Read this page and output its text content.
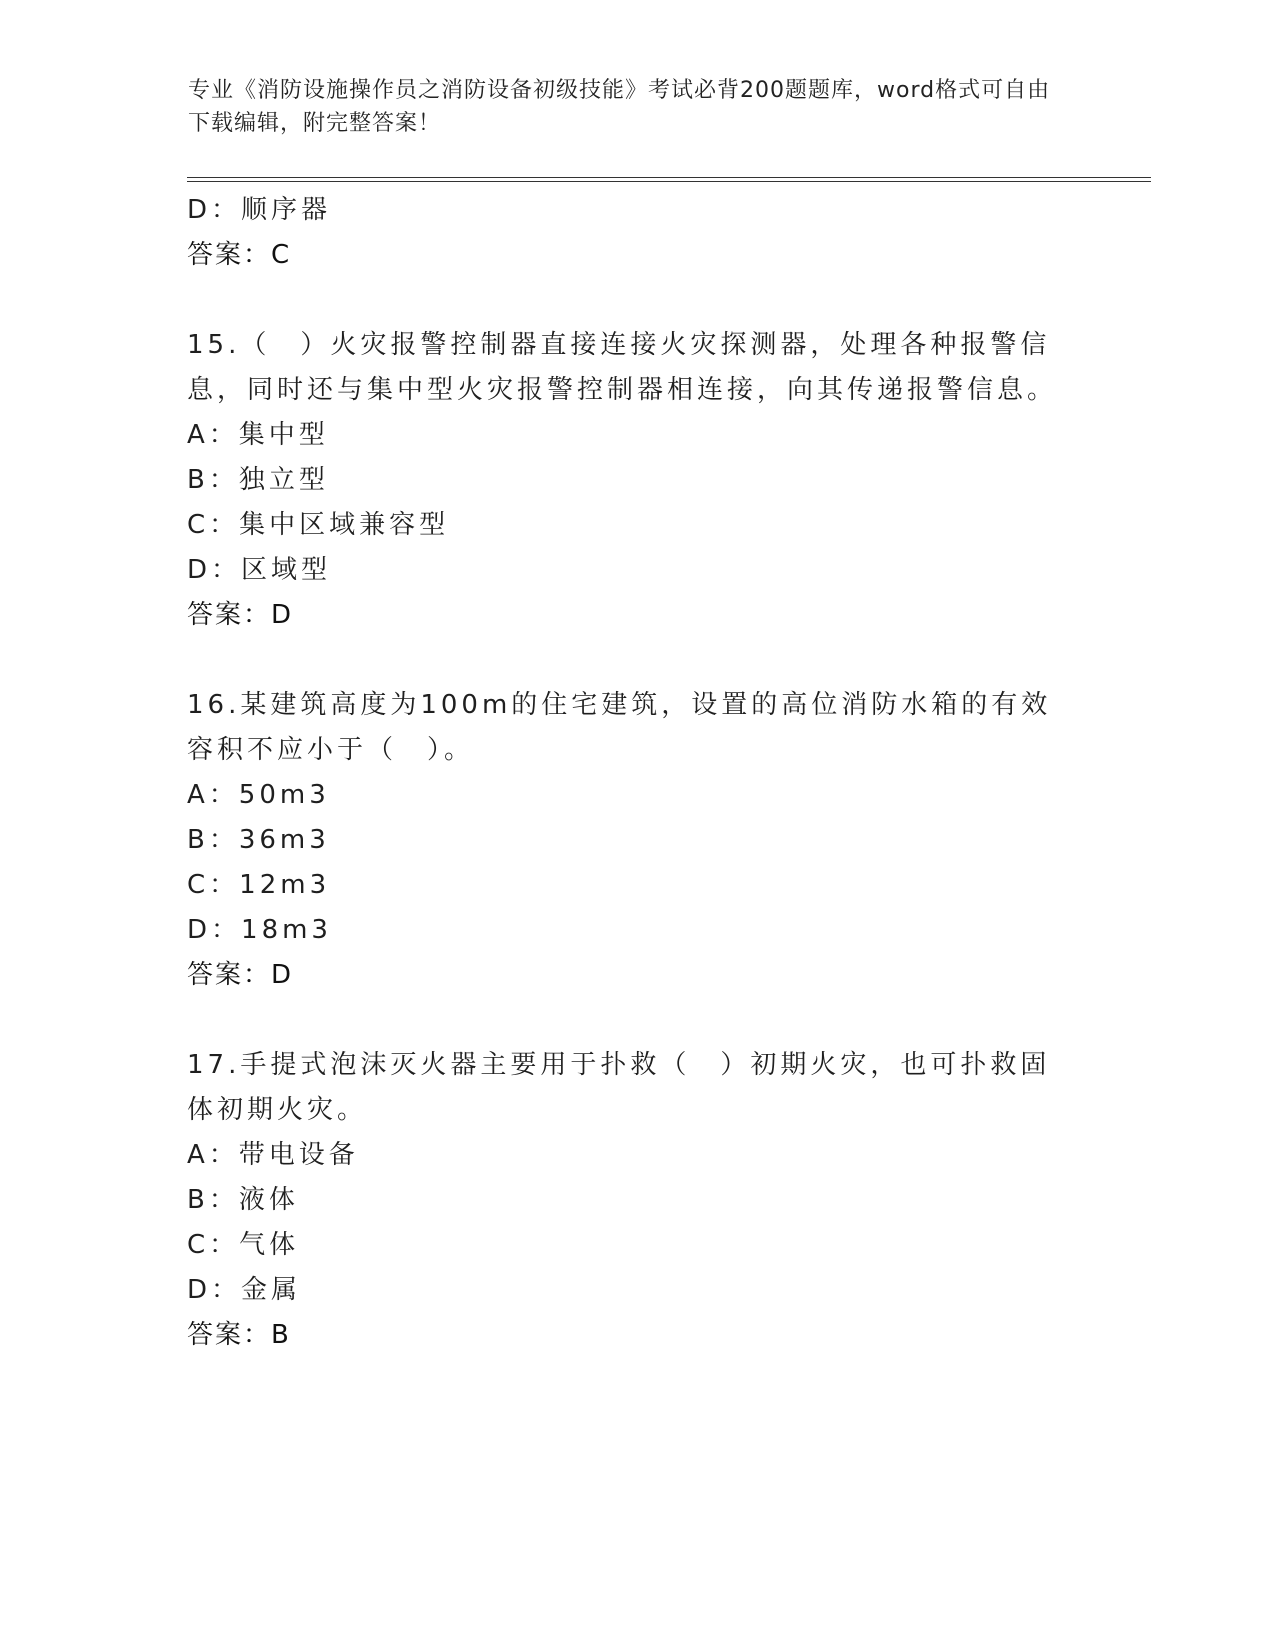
专业《消防设施操作员之消防设备初级技能》考试必背200题题库，word格式可自由下载编辑，附完整答案！
D：顺序器
答案：C
15.（　）火灾报警控制器直接连接火灾探测器，处理各种报警信息，同时还与集中型火灾报警控制器相连接，向其传递报警信息。
A：集中型
B：独立型
C：集中区域兼容型
D：区域型
答案：D
16.某建筑高度为100m的住宅建筑，设置的高位消防水箱的有效容积不应小于（　）。
A：50m3
B：36m3
C：12m3
D：18m3
答案：D
17.手提式泡沫灭火器主要用于扑救（　）初期火灾，也可扑救固体初期火灾。
A：带电设备
B：液体
C：气体
D：金属
答案：B
